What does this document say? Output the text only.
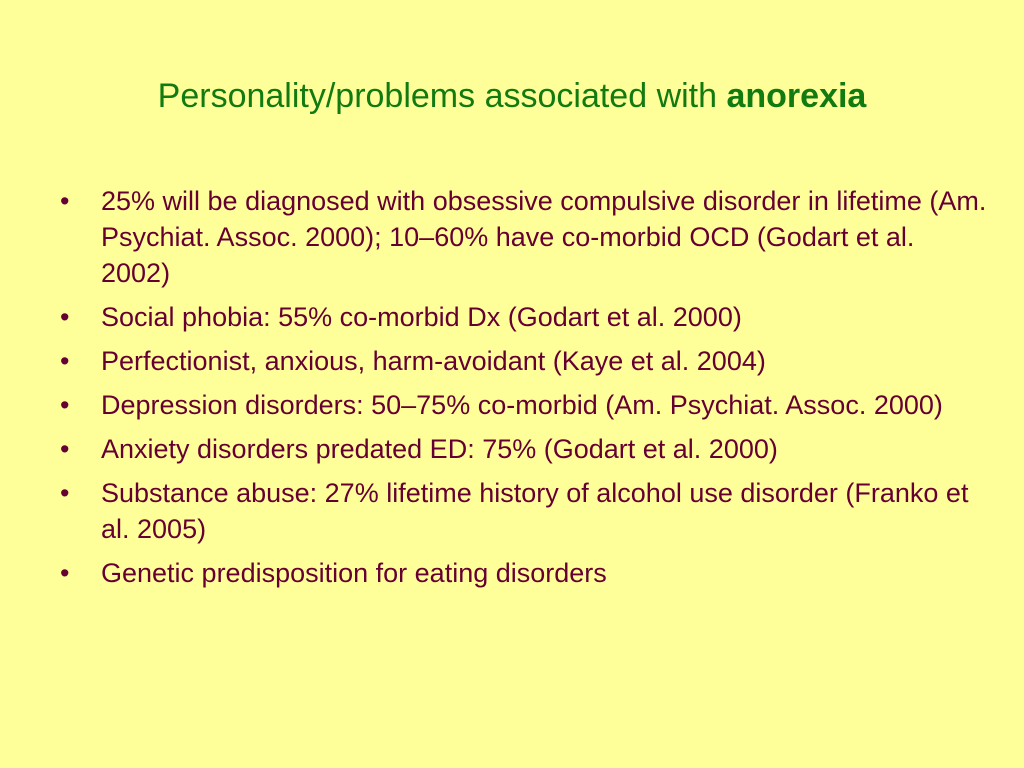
Personality/problems associated with anorexia
•	25% will be diagnosed with obsessive compulsive disorder in lifetime (Am. Psychiat. Assoc. 2000); 10–60% have co-morbid OCD (Godart et al. 2002)
•	Social phobia: 55% co-morbid Dx (Godart et al. 2000)
•	Perfectionist, anxious, harm-avoidant (Kaye et al. 2004)
•	Depression disorders: 50–75% co-morbid (Am. Psychiat. Assoc. 2000)
•	Anxiety disorders predated ED: 75% (Godart et al. 2000)
•	Substance abuse: 27% lifetime history of alcohol use disorder (Franko et al. 2005)
•	Genetic predisposition for eating disorders
